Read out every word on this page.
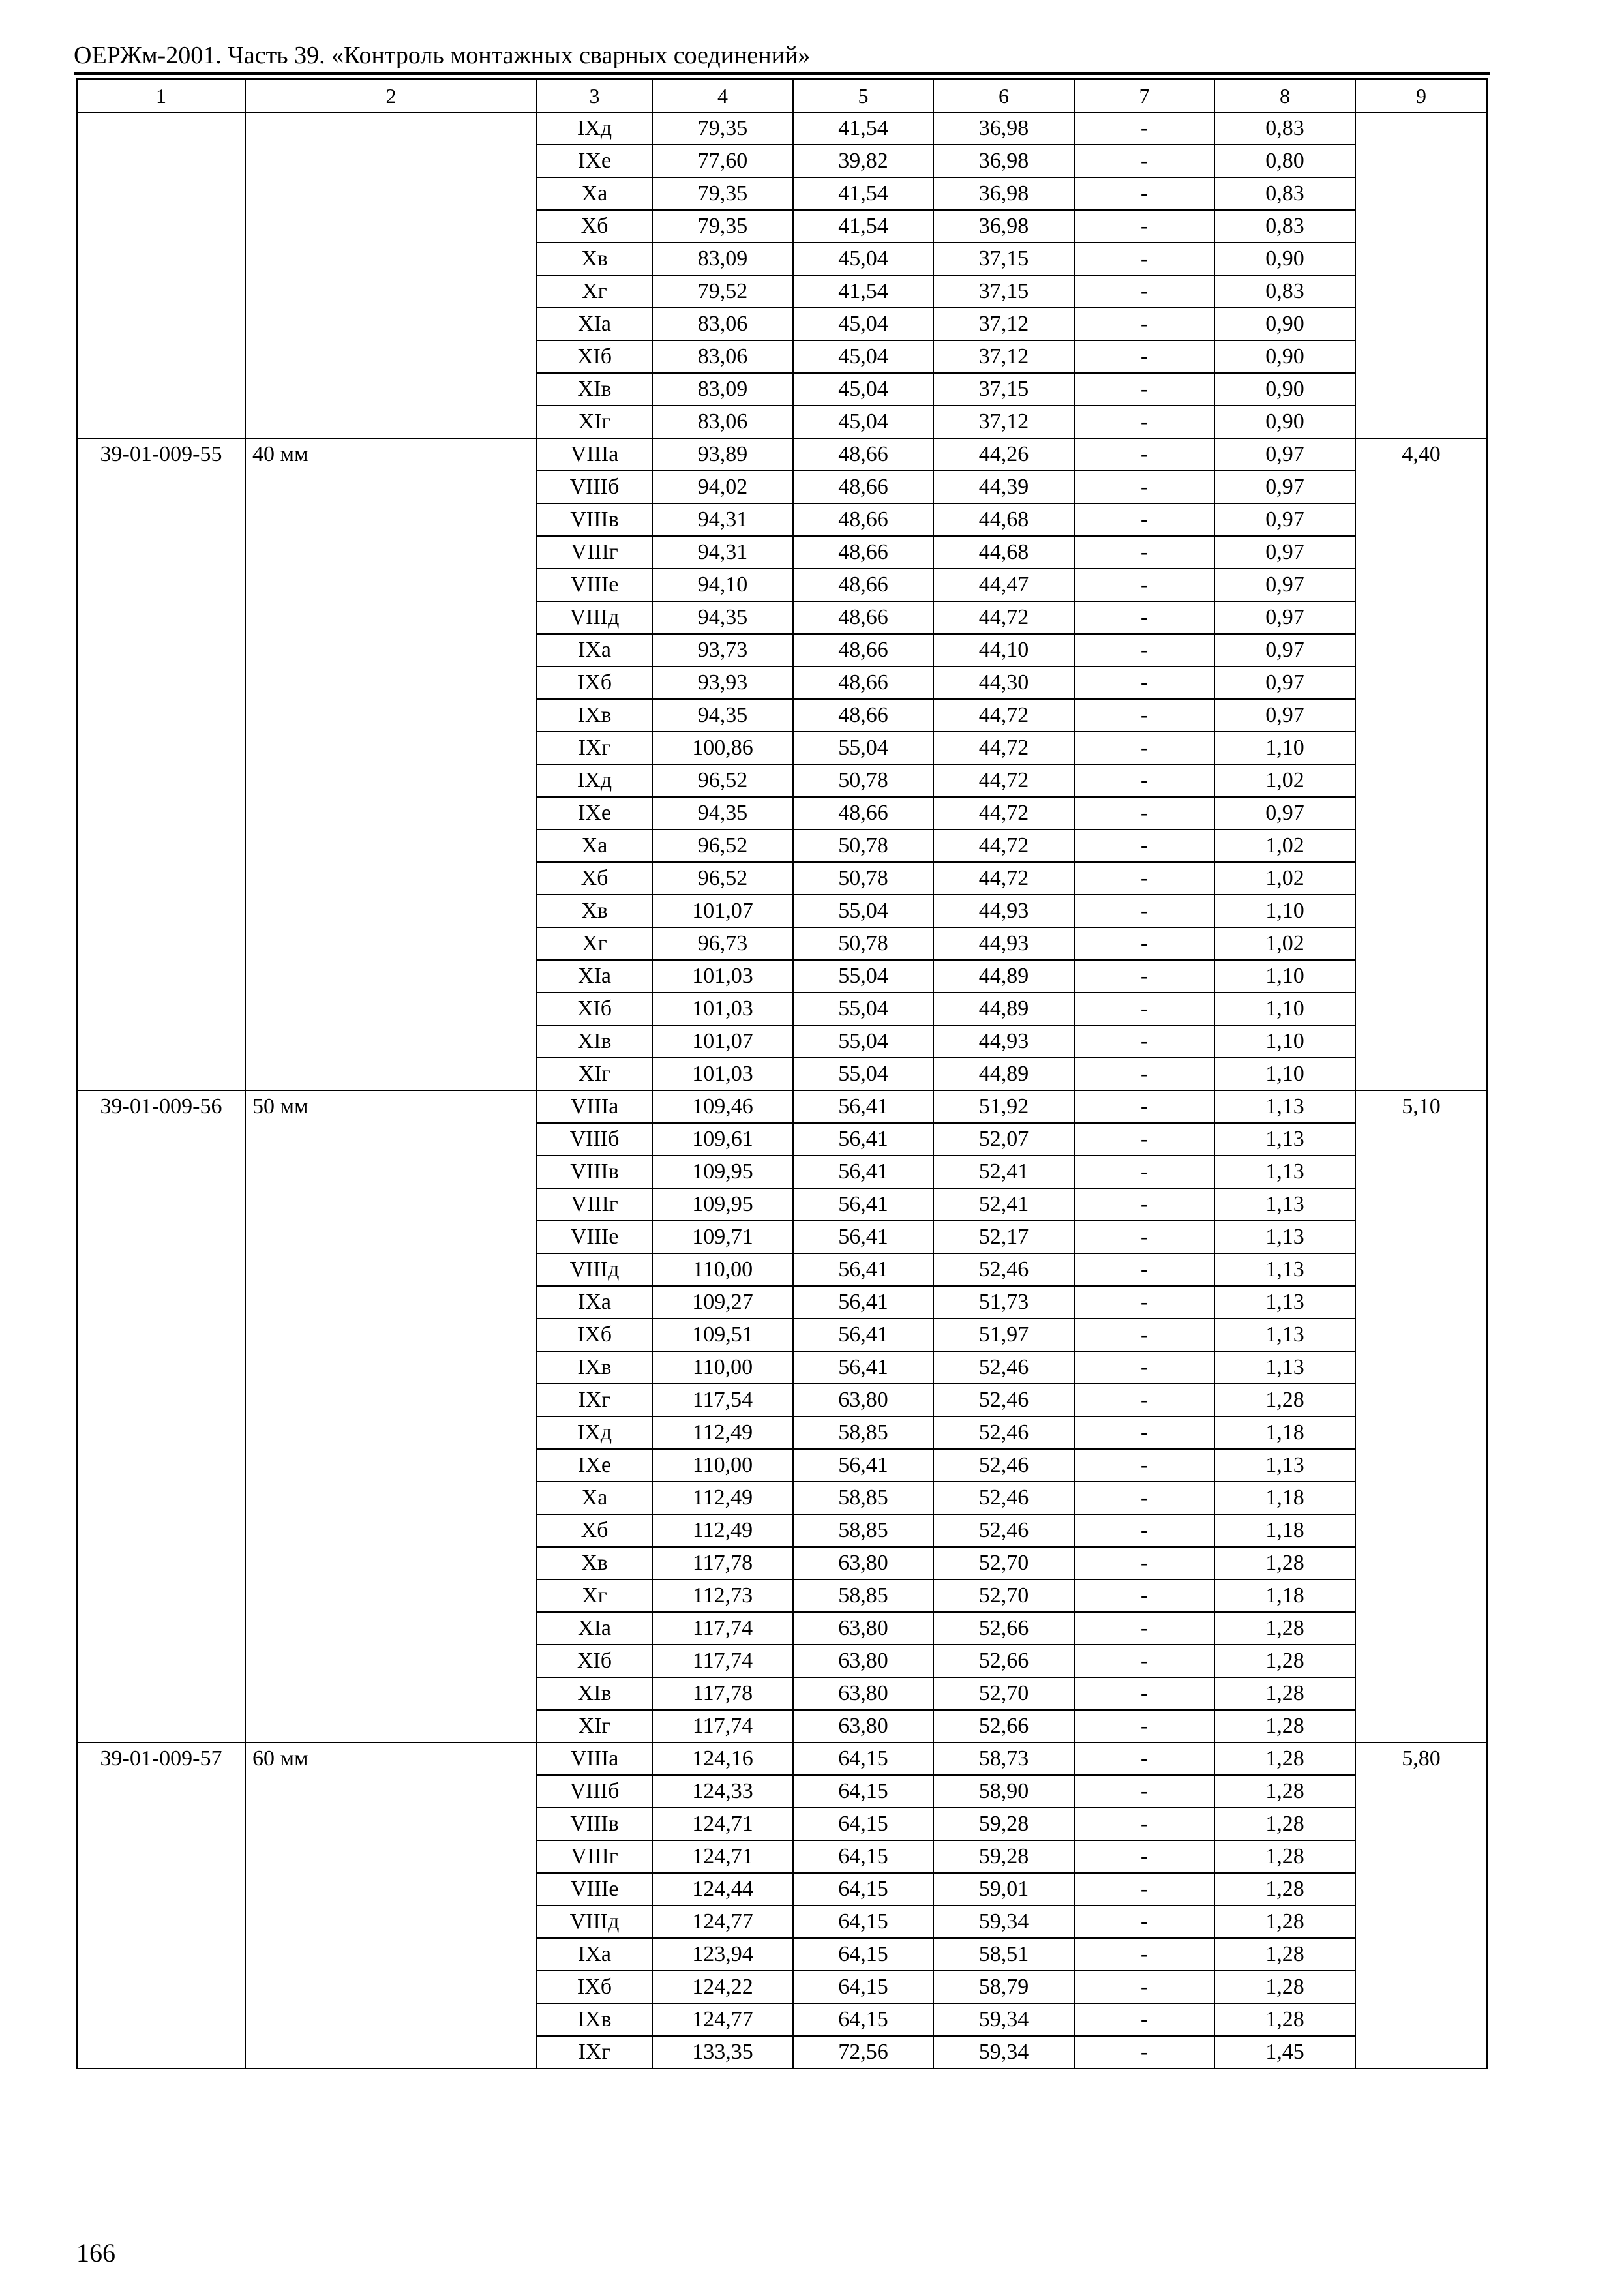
ОЕРЖм-2001. Часть 39. «Контроль монтажных сварных соединений»
1	2	3	4	5	6	7	8	9
		IXд	79,35	41,54	36,98	-	0,83	
		IXе	77,60	39,82	36,98	-	0,80	
		Xа	79,35	41,54	36,98	-	0,83	
		Xб	79,35	41,54	36,98	-	0,83	
		Xв	83,09	45,04	37,15	-	0,90	
		Xг	79,52	41,54	37,15	-	0,83	
		XIа	83,06	45,04	37,12	-	0,90	
		XIб	83,06	45,04	37,12	-	0,90	
		XIв	83,09	45,04	37,15	-	0,90	
		XIг	83,06	45,04	37,12	-	0,90	
39-01-009-55	40 мм	VIIIа	93,89	48,66	44,26	-	0,97	4,40
		VIIIб	94,02	48,66	44,39	-	0,97	
		VIIIв	94,31	48,66	44,68	-	0,97	
		VIIIг	94,31	48,66	44,68	-	0,97	
		VIIIе	94,10	48,66	44,47	-	0,97	
		VIIIд	94,35	48,66	44,72	-	0,97	
		IXа	93,73	48,66	44,10	-	0,97	
		IXб	93,93	48,66	44,30	-	0,97	
		IXв	94,35	48,66	44,72	-	0,97	
		IXг	100,86	55,04	44,72	-	1,10	
		IXд	96,52	50,78	44,72	-	1,02	
		IXе	94,35	48,66	44,72	-	0,97	
		Xа	96,52	50,78	44,72	-	1,02	
		Xб	96,52	50,78	44,72	-	1,02	
		Xв	101,07	55,04	44,93	-	1,10	
		Xг	96,73	50,78	44,93	-	1,02	
		XIа	101,03	55,04	44,89	-	1,10	
		XIб	101,03	55,04	44,89	-	1,10	
		XIв	101,07	55,04	44,93	-	1,10	
		XIг	101,03	55,04	44,89	-	1,10	
39-01-009-56	50 мм	VIIIа	109,46	56,41	51,92	-	1,13	5,10
		VIIIб	109,61	56,41	52,07	-	1,13	
		VIIIв	109,95	56,41	52,41	-	1,13	
		VIIIг	109,95	56,41	52,41	-	1,13	
		VIIIе	109,71	56,41	52,17	-	1,13	
		VIIIд	110,00	56,41	52,46	-	1,13	
		IXа	109,27	56,41	51,73	-	1,13	
		IXб	109,51	56,41	51,97	-	1,13	
		IXв	110,00	56,41	52,46	-	1,13	
		IXг	117,54	63,80	52,46	-	1,28	
		IXд	112,49	58,85	52,46	-	1,18	
		IXе	110,00	56,41	52,46	-	1,13	
		Xа	112,49	58,85	52,46	-	1,18	
		Xб	112,49	58,85	52,46	-	1,18	
		Xв	117,78	63,80	52,70	-	1,28	
		Xг	112,73	58,85	52,70	-	1,18	
		XIа	117,74	63,80	52,66	-	1,28	
		XIб	117,74	63,80	52,66	-	1,28	
		XIв	117,78	63,80	52,70	-	1,28	
		XIг	117,74	63,80	52,66	-	1,28	
39-01-009-57	60 мм	VIIIа	124,16	64,15	58,73	-	1,28	5,80
		VIIIб	124,33	64,15	58,90	-	1,28	
		VIIIв	124,71	64,15	59,28	-	1,28	
		VIIIг	124,71	64,15	59,28	-	1,28	
		VIIIе	124,44	64,15	59,01	-	1,28	
		VIIIд	124,77	64,15	59,34	-	1,28	
		IXа	123,94	64,15	58,51	-	1,28	
		IXб	124,22	64,15	58,79	-	1,28	
		IXв	124,77	64,15	59,34	-	1,28	
		IXг	133,35	72,56	59,34	-	1,45	
166
